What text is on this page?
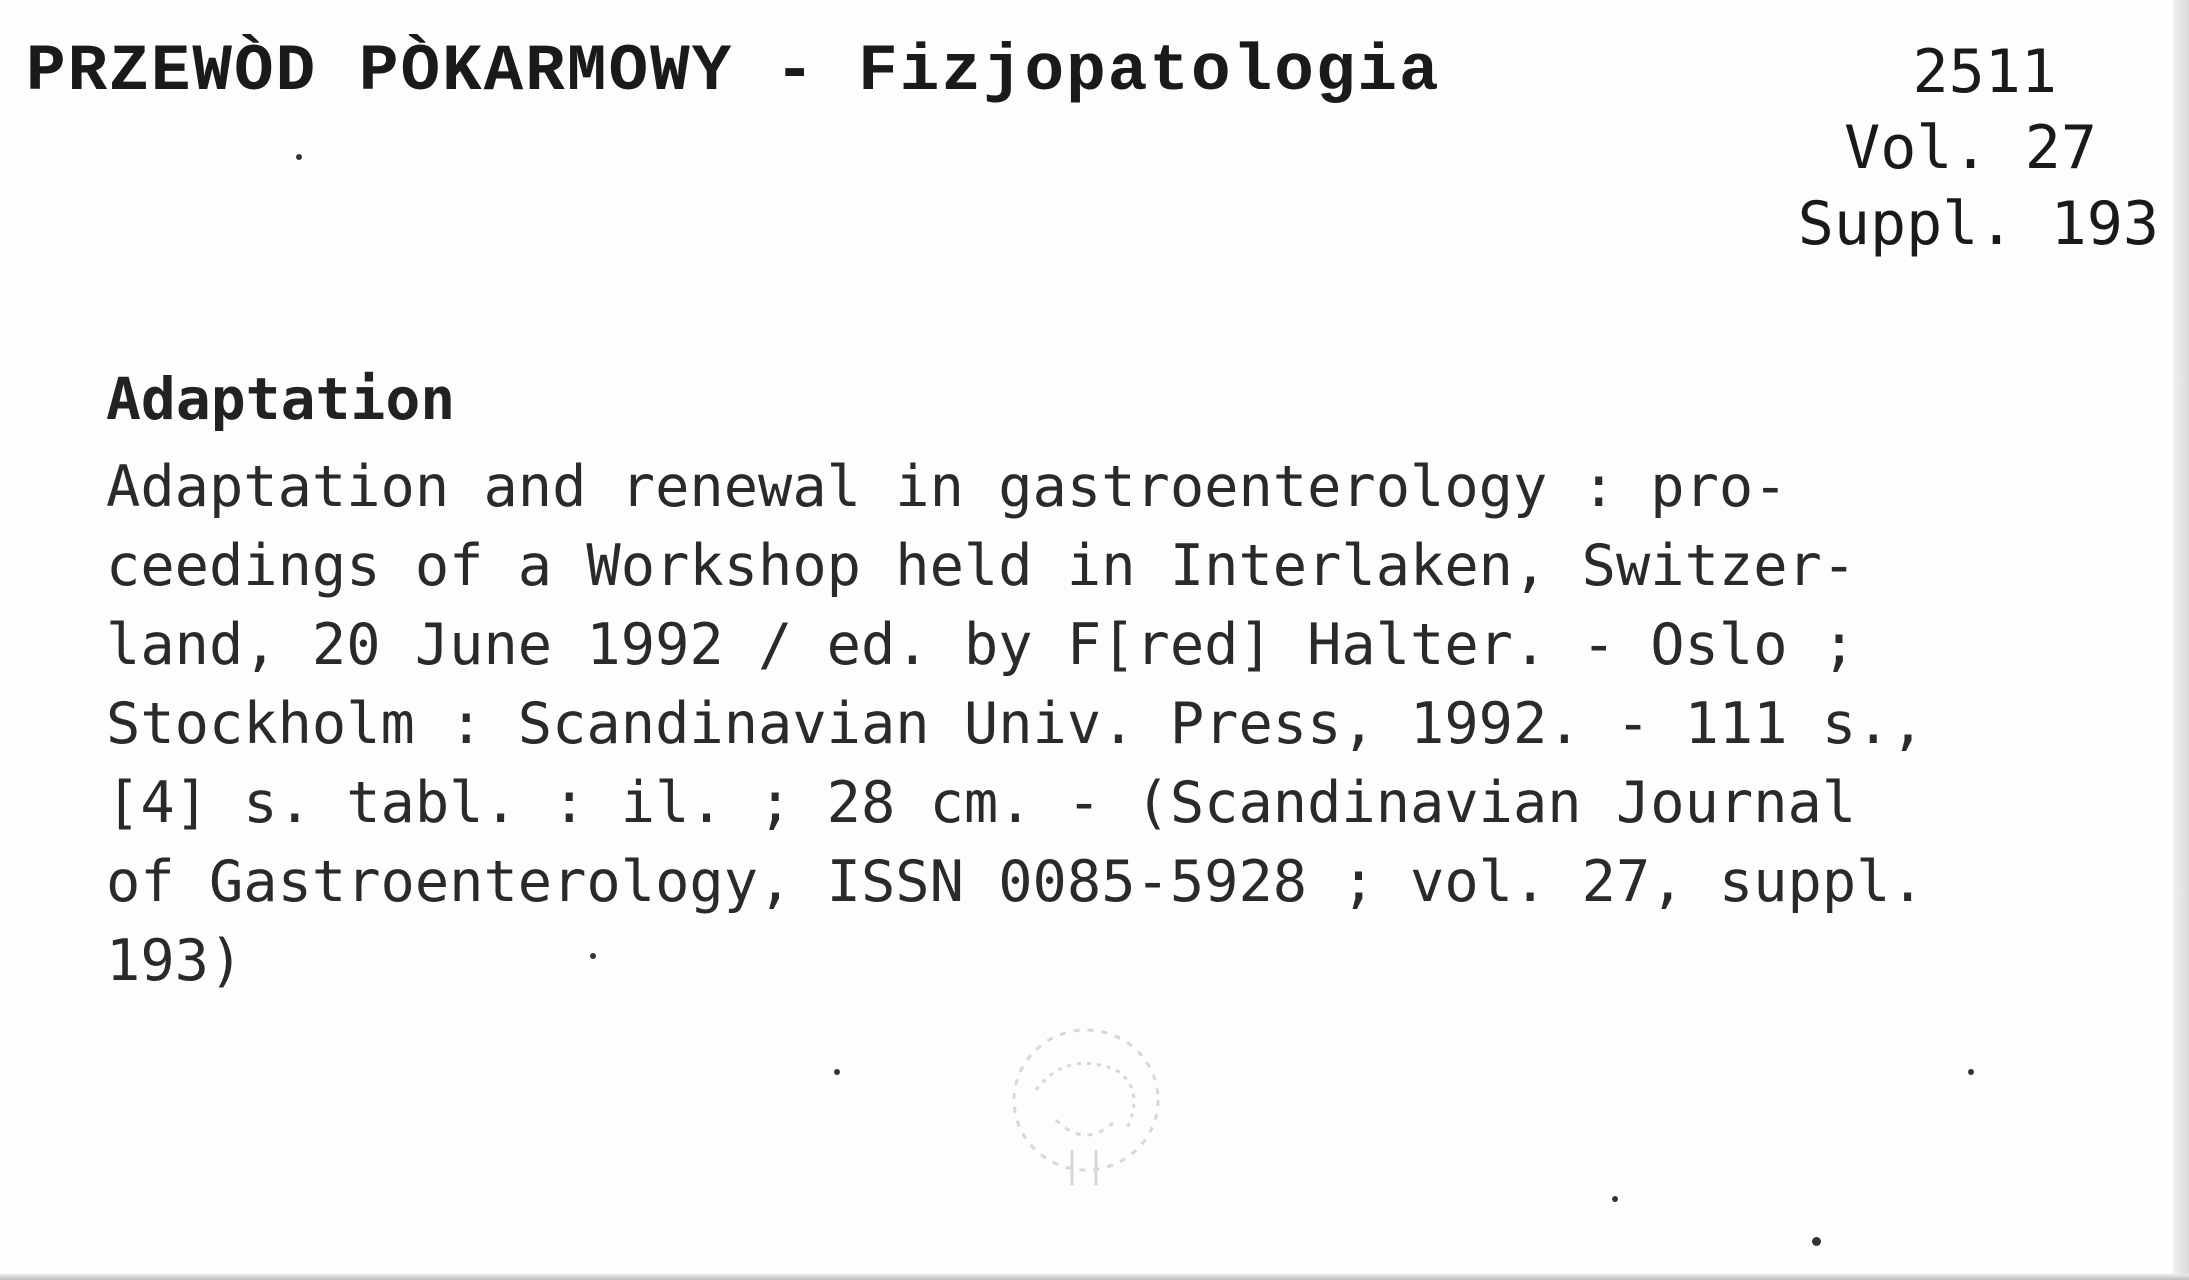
PRZEWÒD PÒKARMOWY - Fizjopatologia	2511
Vol. 27
Suppl. 193
Adaptation
Adaptation and renewal in gastroenterology : pro-
ceedings of a Workshop held in Interlaken, Switzer-
land, 20 June 1992 / ed. by F[red] Halter. - Oslo ;
Stockholm : Scandinavian Univ. Press, 1992. - 111 s.,
[4] s. tabl. : il. ; 28 cm. - (Scandinavian Journal
of Gastroenterology, ISSN 0085-5928 ; vol. 27, suppl.
193)
